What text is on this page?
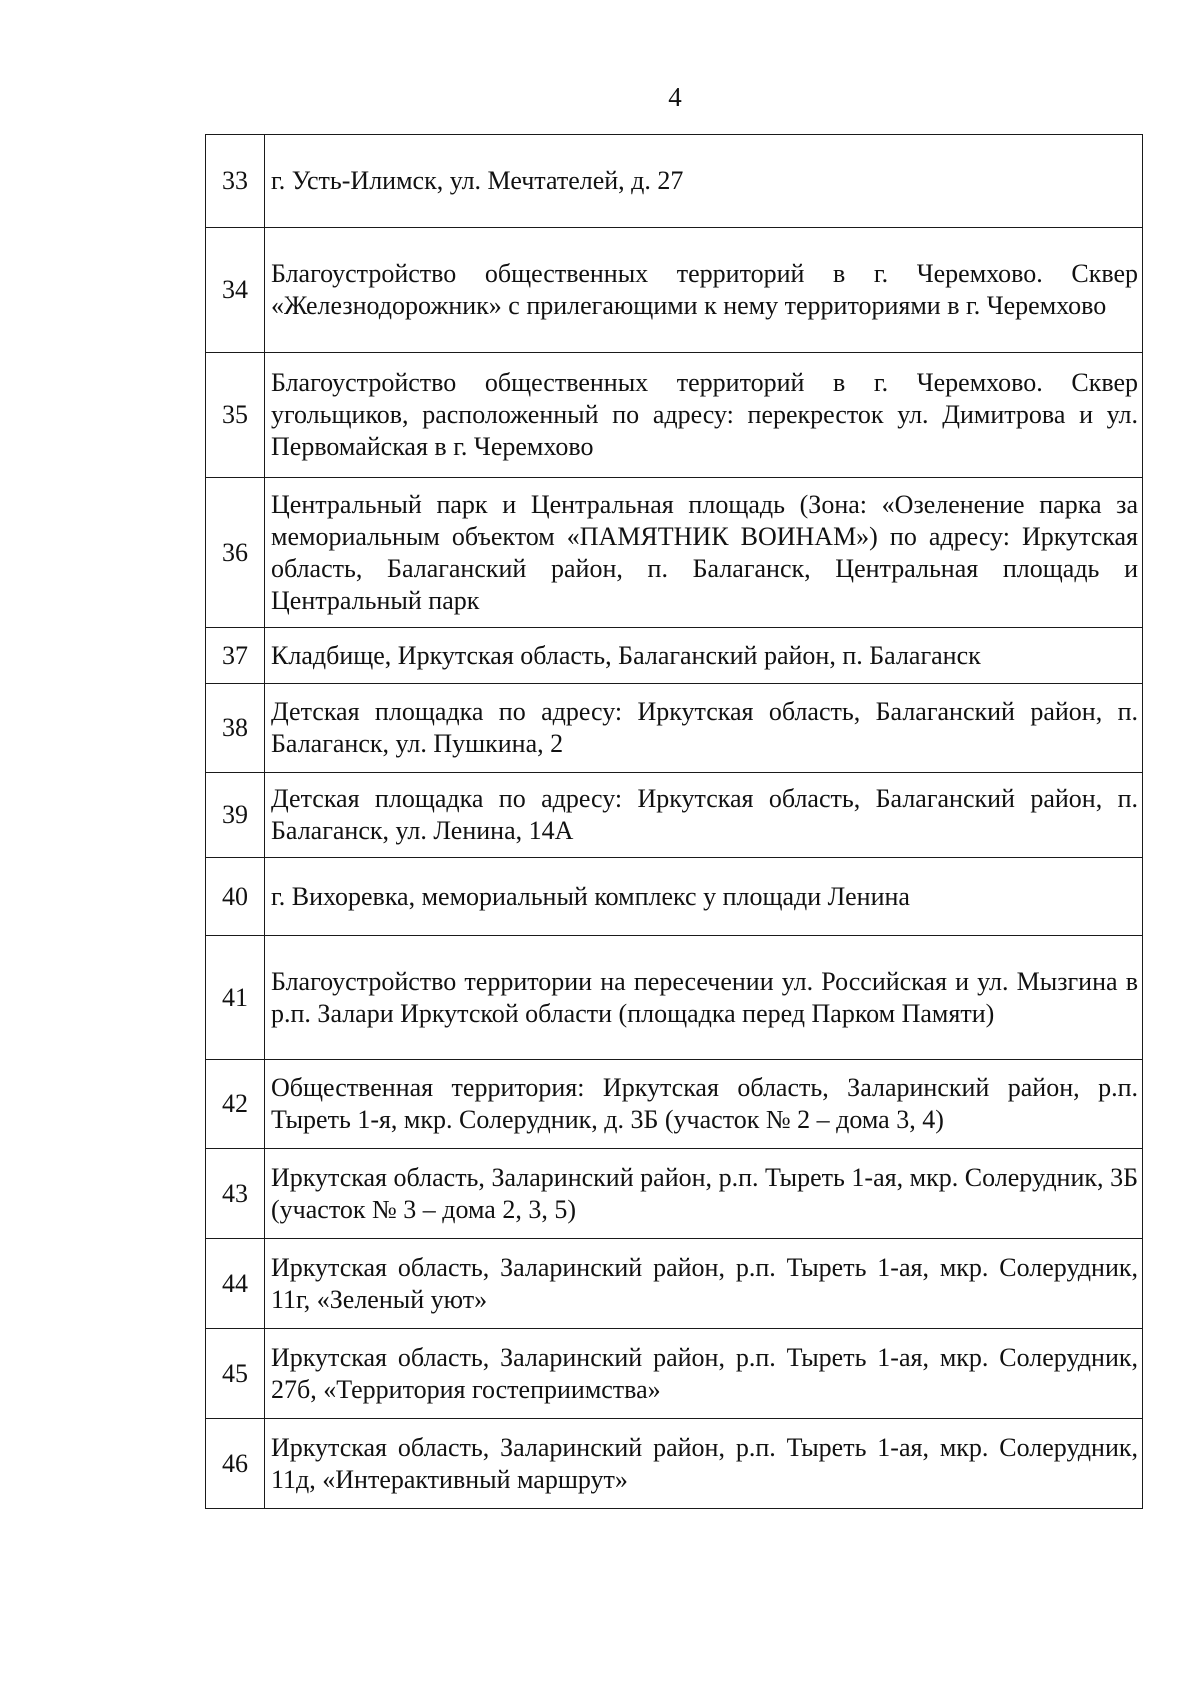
4
33	г. Усть-Илимск, ул. Мечтателей, д. 27
34	Благоустройство общественных территорий в г. Черемхово. Сквер «Железнодорожник» с прилегающими к нему территориями в г. Черемхово
35	Благоустройство общественных территорий в г. Черемхово. Сквер угольщиков, расположенный по адресу: перекресток ул. Димитрова и ул. Первомайская в г. Черемхово
36	Центральный парк и Центральная площадь (Зона: «Озеленение парка за мемориальным объектом «ПАМЯТНИК ВОИНАМ») по адресу: Иркутская область, Балаганский район, п. Балаганск, Центральная площадь и Центральный парк
37	Кладбище, Иркутская область, Балаганский район, п. Балаганск
38	Детская площадка по адресу: Иркутская область, Балаганский район, п. Балаганск, ул. Пушкина, 2
39	Детская площадка по адресу: Иркутская область, Балаганский район, п. Балаганск, ул. Ленина, 14А
40	г. Вихоревка, мемориальный комплекс у площади Ленина
41	Благоустройство территории на пересечении ул. Российская и ул. Мызгина в р.п. Залари Иркутской области (площадка перед Парком Памяти)
42	Общественная территория: Иркутская область, Заларинский район, р.п. Тыреть 1-я, мкр. Солерудник, д. 3Б (участок № 2 – дома 3, 4)
43	Иркутская область, Заларинский район, р.п. Тыреть 1-ая, мкр. Солерудник, 3Б (участок № 3 – дома 2, 3, 5)
44	Иркутская область, Заларинский район, р.п. Тыреть 1-ая, мкр. Солерудник, 11г, «Зеленый уют»
45	Иркутская область, Заларинский район, р.п. Тыреть 1-ая, мкр. Солерудник, 27б, «Территория гостеприимства»
46	Иркутская область, Заларинский район, р.п. Тыреть 1-ая, мкр. Солерудник, 11д, «Интерактивный маршрут»
